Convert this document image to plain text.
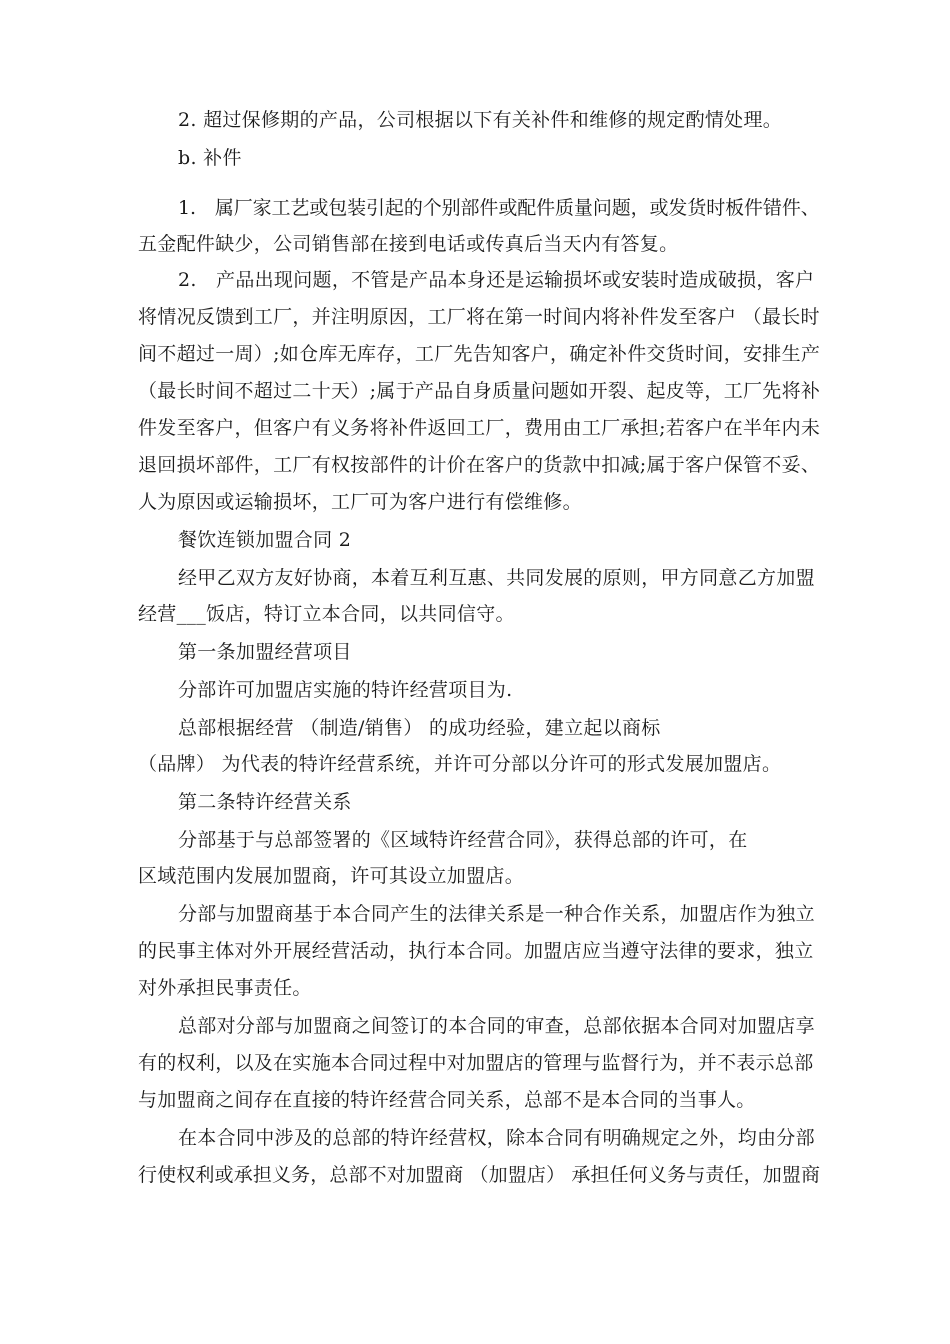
2. 超过保修期的产品，公司根据以下有关补件和维修的规定酌情处理。
b. 补件
1.　属厂家工艺或包装引起的个别部件或配件质量问题，或发货时板件错件、
五金配件缺少，公司销售部在接到电话或传真后当天内有答复。
2.　产品出现问题，不管是产品本身还是运输损坏或安装时造成破损，客户
将情况反馈到工厂，并注明原因，工厂将在第一时间内将补件发至客户 （最长时
间不超过一周）;如仓库无库存，工厂先告知客户，确定补件交货时间，安排生产
（最长时间不超过二十天）;属于产品自身质量问题如开裂、起皮等，工厂先将补
件发至客户，但客户有义务将补件返回工厂，费用由工厂承担;若客户在半年内未
退回损坏部件，工厂有权按部件的计价在客户的货款中扣减;属于客户保管不妥、
人为原因或运输损坏，工厂可为客户进行有偿维修。
餐饮连锁加盟合同 2
经甲乙双方友好协商，本着互利互惠、共同发展的原则，甲方同意乙方加盟
经营___饭店，特订立本合同，以共同信守。
第一条加盟经营项目
分部许可加盟店实施的特许经营项目为.
总部根据经营 （制造/销售） 的成功经验，建立起以商标
（品牌） 为代表的特许经营系统，并许可分部以分许可的形式发展加盟店。
第二条特许经营关系
分部基于与总部签署的《区域特许经营合同》，获得总部的许可，在
区域范围内发展加盟商，许可其设立加盟店。
分部与加盟商基于本合同产生的法律关系是一种合作关系，加盟店作为独立
的民事主体对外开展经营活动，执行本合同。加盟店应当遵守法律的要求，独立
对外承担民事责任。
总部对分部与加盟商之间签订的本合同的审查，总部依据本合同对加盟店享
有的权利，以及在实施本合同过程中对加盟店的管理与监督行为，并不表示总部
与加盟商之间存在直接的特许经营合同关系，总部不是本合同的当事人。
在本合同中涉及的总部的特许经营权，除本合同有明确规定之外，均由分部
行使权利或承担义务，总部不对加盟商 （加盟店） 承担任何义务与责任，加盟商
